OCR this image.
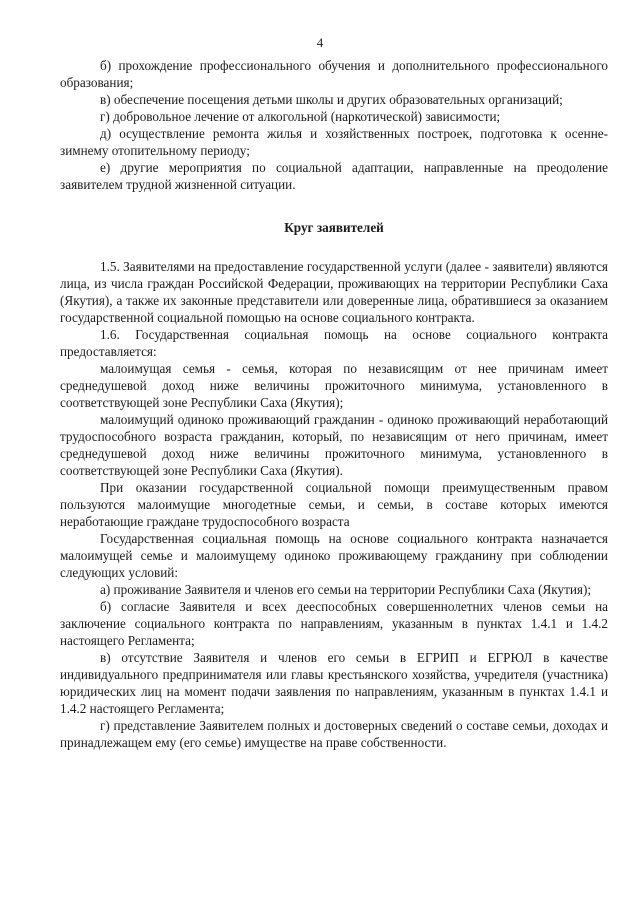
4

б) прохождение профессионального обучения и дополнительного профессионального образования;

в) обеспечение посещения детьми школы и других образовательных организаций;

г) добровольное лечение от алкогольной (наркотической) зависимости;

д) осуществление ремонта жилья и хозяйственных построек, подготовка к осенне-зимнему отопительному периоду;

е) другие мероприятия по социальной адаптации, направленные на преодоление заявителем трудной жизненной ситуации.

Круг заявителей

1.5. Заявителями на предоставление государственной услуги (далее - заявители) являются лица, из числа граждан Российской Федерации, проживающих на территории Республики Саха (Якутия), а также их законные представители или доверенные лица, обратившиеся за оказанием государственной социальной помощью на основе социального контракта.

1.6. Государственная социальная помощь на основе социального контракта предоставляется:

малоимущая семья - семья, которая по независящим от нее причинам имеет среднедушевой доход ниже величины прожиточного минимума, установленного в соответствующей зоне Республики Саха (Якутия);

малоимущий одиноко проживающий гражданин - одиноко проживающий неработающий трудоспособного возраста гражданин, который, по независящим от него причинам, имеет среднедушевой доход ниже величины прожиточного минимума, установленного в соответствующей зоне Республики Саха (Якутия).

При оказании государственной социальной помощи преимущественным правом пользуются малоимущие многодетные семьи, и семьи, в составе которых имеются неработающие граждане трудоспособного возраста

Государственная социальная помощь на основе социального контракта назначается малоимущей семье и малоимущему одиноко проживающему гражданину при соблюдении следующих условий:

а) проживание Заявителя и членов его семьи на территории Республики Саха (Якутия);

б) согласие Заявителя и всех дееспособных совершеннолетних членов семьи на заключение социального контракта по направлениям, указанным в пунктах 1.4.1 и 1.4.2 настоящего Регламента;

в) отсутствие Заявителя и членов его семьи в ЕГРИП и ЕГРЮЛ в качестве индивидуального предпринимателя или главы крестьянского хозяйства, учредителя (участника) юридических лиц на момент подачи заявления по направлениям, указанным в пунктах 1.4.1 и 1.4.2 настоящего Регламента;

г) представление Заявителем полных и достоверных сведений о составе семьи, доходах и принадлежащем ему (его семье) имуществе на праве собственности.
